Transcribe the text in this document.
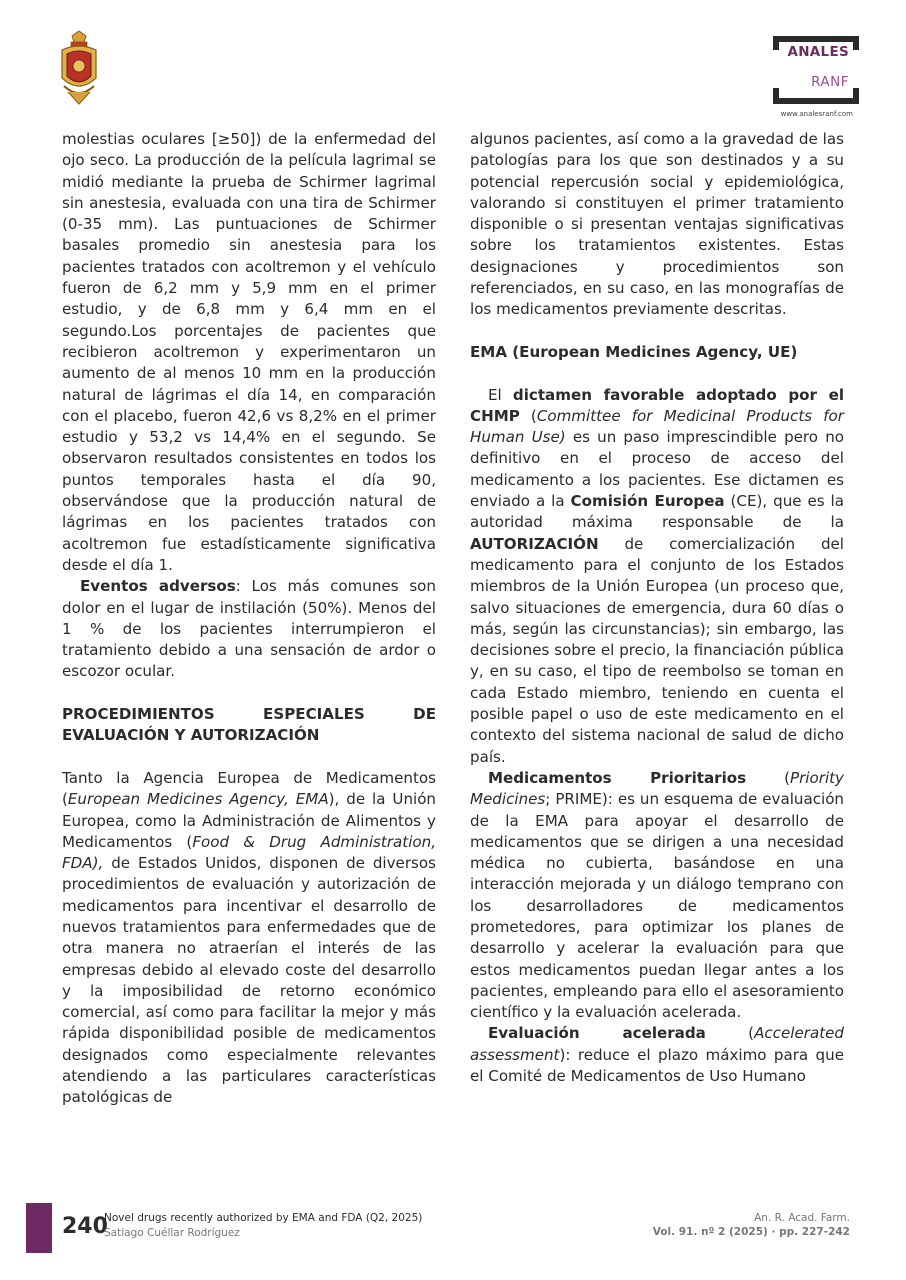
ANALES
RANF
www.analesranf.com

molestias oculares [≥50]) de la enfermedad del ojo seco. La producción de la película lagrimal se midió mediante la prueba de Schirmer lagrimal sin anestesia, evaluada con una tira de Schirmer (0-35 mm). Las puntuaciones de Schirmer basales promedio sin anestesia para los pacientes tratados con acoltremon y el vehículo fueron de 6,2 mm y 5,9 mm en el primer estudio, y de 6,8 mm y 6,4 mm en el segundo.Los porcentajes de pacientes que recibieron acoltremon y experimentaron un aumento de al menos 10 mm en la producción natural de lágrimas el día 14, en comparación con el placebo, fueron 42,6 vs 8,2% en el primer estudio y 53,2 vs 14,4% en el segundo. Se observaron resultados consistentes en todos los puntos temporales hasta el día 90, observándose que la producción natural de lágrimas en los pacientes tratados con acoltremon fue estadísticamente significativa desde el día 1.

Eventos adversos: Los más comunes son dolor en el lugar de instilación (50%). Menos del 1 % de los pacientes interrumpieron el tratamiento debido a una sensación de ardor o escozor ocular.

PROCEDIMIENTOS ESPECIALES DE EVALUACIÓN Y AUTORIZACIÓN

Tanto la Agencia Europea de Medicamentos (European Medicines Agency, EMA), de la Unión Europea, como la Administración de Alimentos y Medicamentos (Food & Drug Administration, FDA), de Estados Unidos, disponen de diversos procedimientos de evaluación y autorización de medicamentos para incentivar el desarrollo de nuevos tratamientos para enfermedades que de otra manera no atraerían el interés de las empresas debido al elevado coste del desarrollo y la imposibilidad de retorno económico comercial, así como para facilitar la mejor y más rápida disponibilidad posible de medicamentos designados como especialmente relevantes atendiendo a las particulares características patológicas de

algunos pacientes, así como a la gravedad de las patologías para los que son destinados y a su potencial repercusión social y epidemiológica, valorando si constituyen el primer tratamiento disponible o si presentan ventajas significativas sobre los tratamientos existentes. Estas designaciones y procedimientos son referenciados, en su caso, en las monografías de los medicamentos previamente descritas.

EMA (European Medicines Agency, UE)

El dictamen favorable adoptado por el CHMP (Committee for Medicinal Products for Human Use) es un paso imprescindible pero no definitivo en el proceso de acceso del medicamento a los pacientes. Ese dictamen es enviado a la Comisión Europea (CE), que es la autoridad máxima responsable de la AUTORIZACIÓN de comercialización del medicamento para el conjunto de los Estados miembros de la Unión Europea (un proceso que, salvo situaciones de emergencia, dura 60 días o más, según las circunstancias); sin embargo, las decisiones sobre el precio, la financiación pública y, en su caso, el tipo de reembolso se toman en cada Estado miembro, teniendo en cuenta el posible papel o uso de este medicamento en el contexto del sistema nacional de salud de dicho país.

Medicamentos Prioritarios (Priority Medicines; PRIME): es un esquema de evaluación de la EMA para apoyar el desarrollo de medicamentos que se dirigen a una necesidad médica no cubierta, basándose en una interacción mejorada y un diálogo temprano con los desarrolladores de medicamentos prometedores, para optimizar los planes de desarrollo y acelerar la evaluación para que estos medicamentos puedan llegar antes a los pacientes, empleando para ello el asesoramiento científico y la evaluación acelerada.

Evaluación acelerada (Accelerated assessment): reduce el plazo máximo para que el Comité de Medicamentos de Uso Humano

240
Novel drugs recently authorized by EMA and FDA (Q2, 2025)
Satiago Cuéllar Rodríguez
An. R. Acad. Farm.
Vol. 91. nº 2 (2025) · pp. 227-242
